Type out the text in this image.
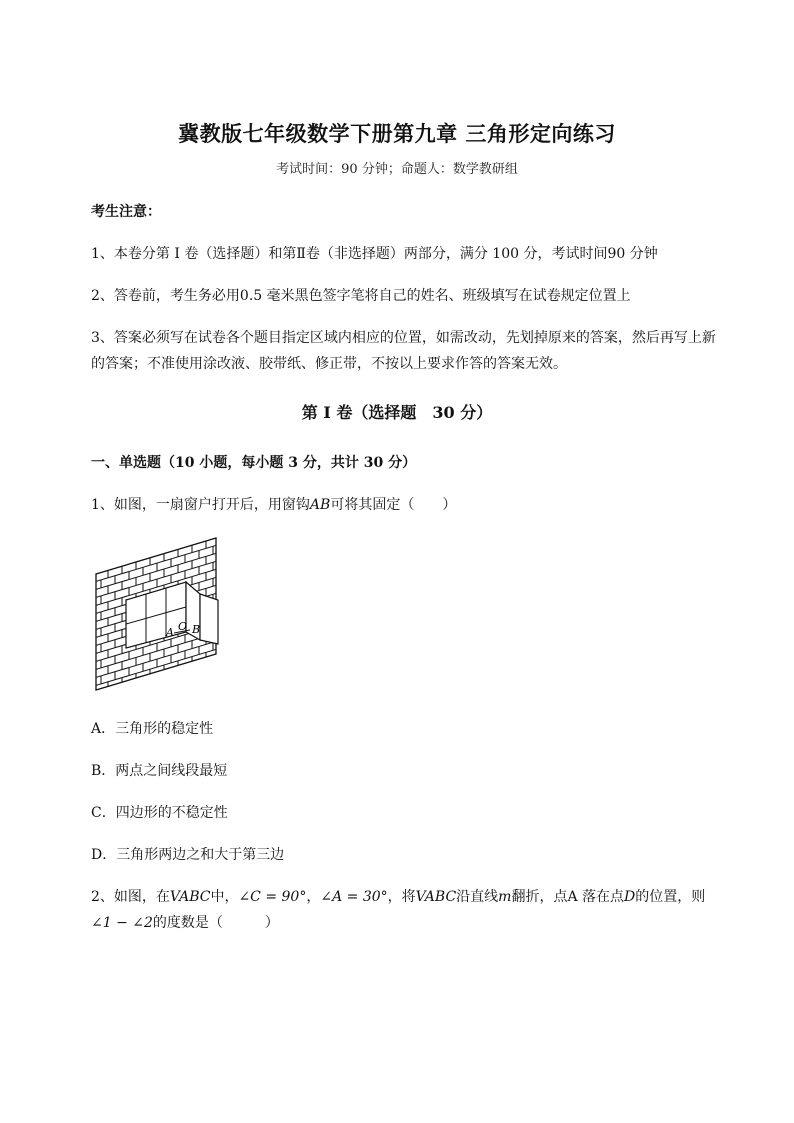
冀教版七年级数学下册第九章 三角形定向练习
考试时间：90 分钟；命题人：数学教研组
考生注意：
1、本卷分第 I 卷（选择题）和第Ⅱ卷（非选择题）两部分，满分 100 分，考试时间90 分钟
2、答卷前，考生务必用0.5 毫米黑色签字笔将自己的姓名、班级填写在试卷规定位置上
3、答案必须写在试卷各个题目指定区域内相应的位置，如需改动，先划掉原来的答案，然后再写上新
的答案；不准使用涂改液、胶带纸、修正带，不按以上要求作答的答案无效。
第 I 卷（选择题　30 分）
一、单选题（10 小题，每小题 3 分，共计 30 分）
1、如图，一扇窗户打开后，用窗钩AB可将其固定（　　）
A O B
A．三角形的稳定性
B．两点之间线段最短
C．四边形的不稳定性
D．三角形两边之和大于第三边
2、如图，在VABC中，∠C = 90°，∠A = 30°，将VABC沿直线m翻折，点A 落在点D的位置，则
∠1 − ∠2的度数是（　　　）
